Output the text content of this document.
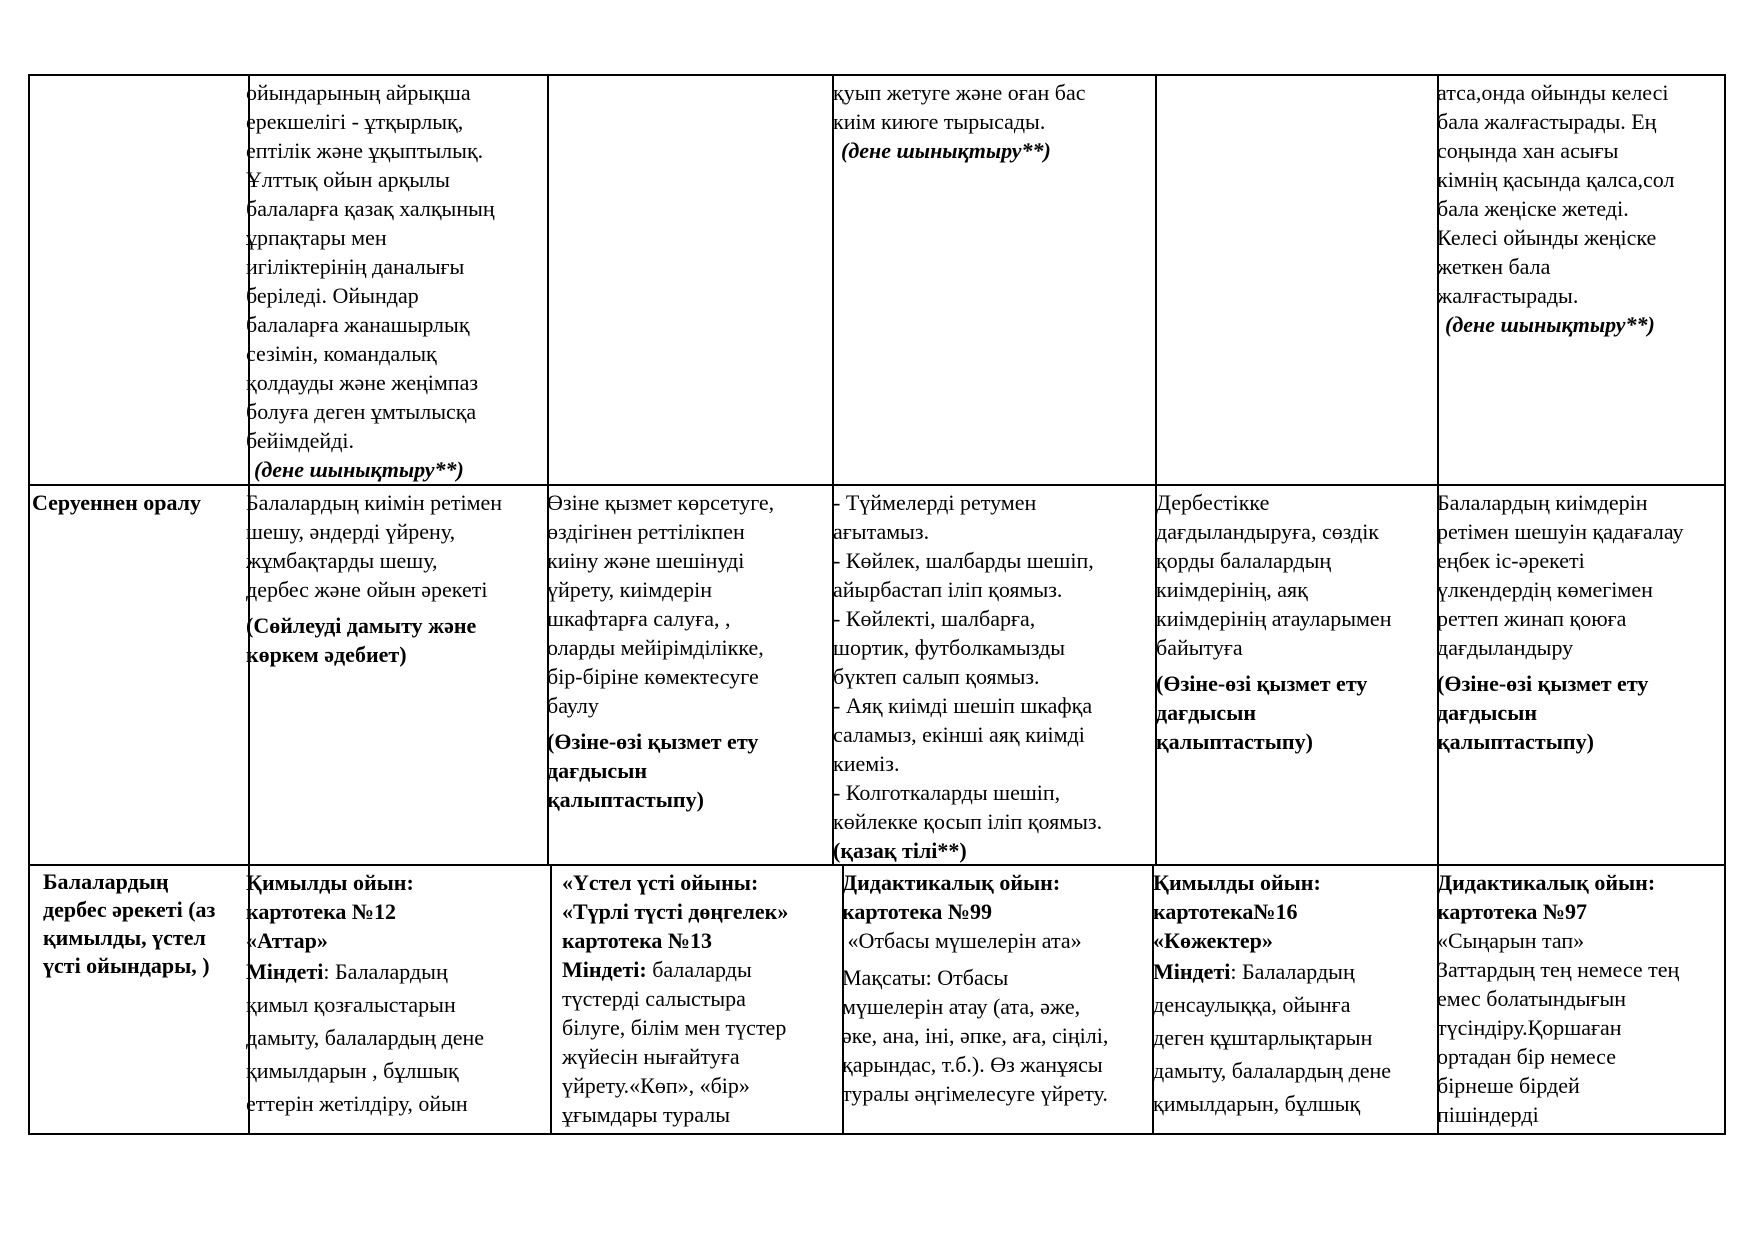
ойындарының айрықша

ерекшелігі - ұтқырлық,

ептілік және ұқыптылық.

Ұлттық ойын арқылы

балаларға қазақ халқының

ұрпақтары мен

игіліктерінің даналығы

беріледі. Ойындар

балаларға жанашырлық

сезімін, командалық

қолдауды және жеңімпаз

болуға деген ұмтылысқа

бейімдейді.

(дене шынықтыру**)

қуып жетуге және оған бас

киім киюге тырысады.

(дене шынықтыру**)

атса,онда ойынды келесі

бала жалғастырады. Ең

соңында хан асығы

кімнің қасында қалса,сол

бала жеңіске жетеді.

Келесі ойынды жеңіске

жеткен бала

жалғастырады.

(дене шынықтыру**)

Серуеннен оралу	Балалардың киімін ретімен

шешу, әндерді үйрену,

жұмбақтарды шешу,

дербес және ойын әрекеті

(Сөйлеуді дамыту және

көркем әдебиет)

Өзіне қызмет көрсетуге,

өздігінен реттілікпен

киіну және шешінуді

үйрету, киімдерін

шкафтарға салуға, ,

оларды мейірімділікке,

бір-біріне көмектесуге

баулу

(Өзіне-өзі қызмет ету

дағдысын

қалыптастыпу)

- Түймелерді ретумен

ағытамыз.

- Көйлек, шалбарды шешіп,

айырбастап іліп қоямыз.

- Көйлекті, шалбарға,

шортик, футболкамызды

бүктеп салып қоямыз.

- Аяқ киімді шешіп шкафқа

саламыз, екінші аяқ киімді

киеміз.

- Колготкаларды шешіп,

көйлекке қосып іліп қоямыз.

(қазақ тілі**)

Дербестікке

дағдыландыруға, сөздік

қорды балалардың

киімдерінің, аяқ

киімдерінің атауларымен

байытуға

(Өзіне-өзі қызмет ету

дағдысын

қалыптастыпу)

Балалардың киімдерін

ретімен шешуін қадағалау

еңбек іс-әрекеті

үлкендердің көмегімен

реттеп жинап қоюға

дағдыландыру

(Өзіне-өзі қызмет ету

дағдысын

қалыптастыпу)

Балалардың

дербес әрекеті (аз

қимылды, үстел

үсті ойындары, )

Қимылды ойын:

картотека №12

«Аттар»

Міндеті: Балалардың

қимыл қозғалыстарын

дамыту, балалардың дене

қимылдарын , бұлшық

еттерін жетілдіру, ойын

«Үстел үсті ойыны:

«Түрлі түсті дөңгелек»

картотека №13

Міндеті: балаларды

түстерді салыстыра

білуге, білім мен түстер

жүйесін нығайтуға

үйрету.«Көп», «бір»

ұғымдары туралы

Дидактикалық ойын:

картотека №99

«Отбасы мүшелерін ата»

Мақсаты: Отбасы

мүшелерін атау (ата, әже,

әке, ана, іні, әпке, аға, сіңілі,

қарындас, т.б.). Өз жанұясы

туралы әңгімелесуге үйрету.

Қимылды ойын:

картотека№16

«Көжектер»

Міндеті: Балалардың

денсаулыққа, ойынға

деген құштарлықтарын

дамыту, балалардың дене

қимылдарын, бұлшық

Дидактикалық ойын:

картотека №97

«Сыңарын тап»

Заттардың тең немесе тең

емес болатындығын

түсіндіру.Қоршаған

ортадан бір немесе

бірнеше бірдей

пішіндерді
